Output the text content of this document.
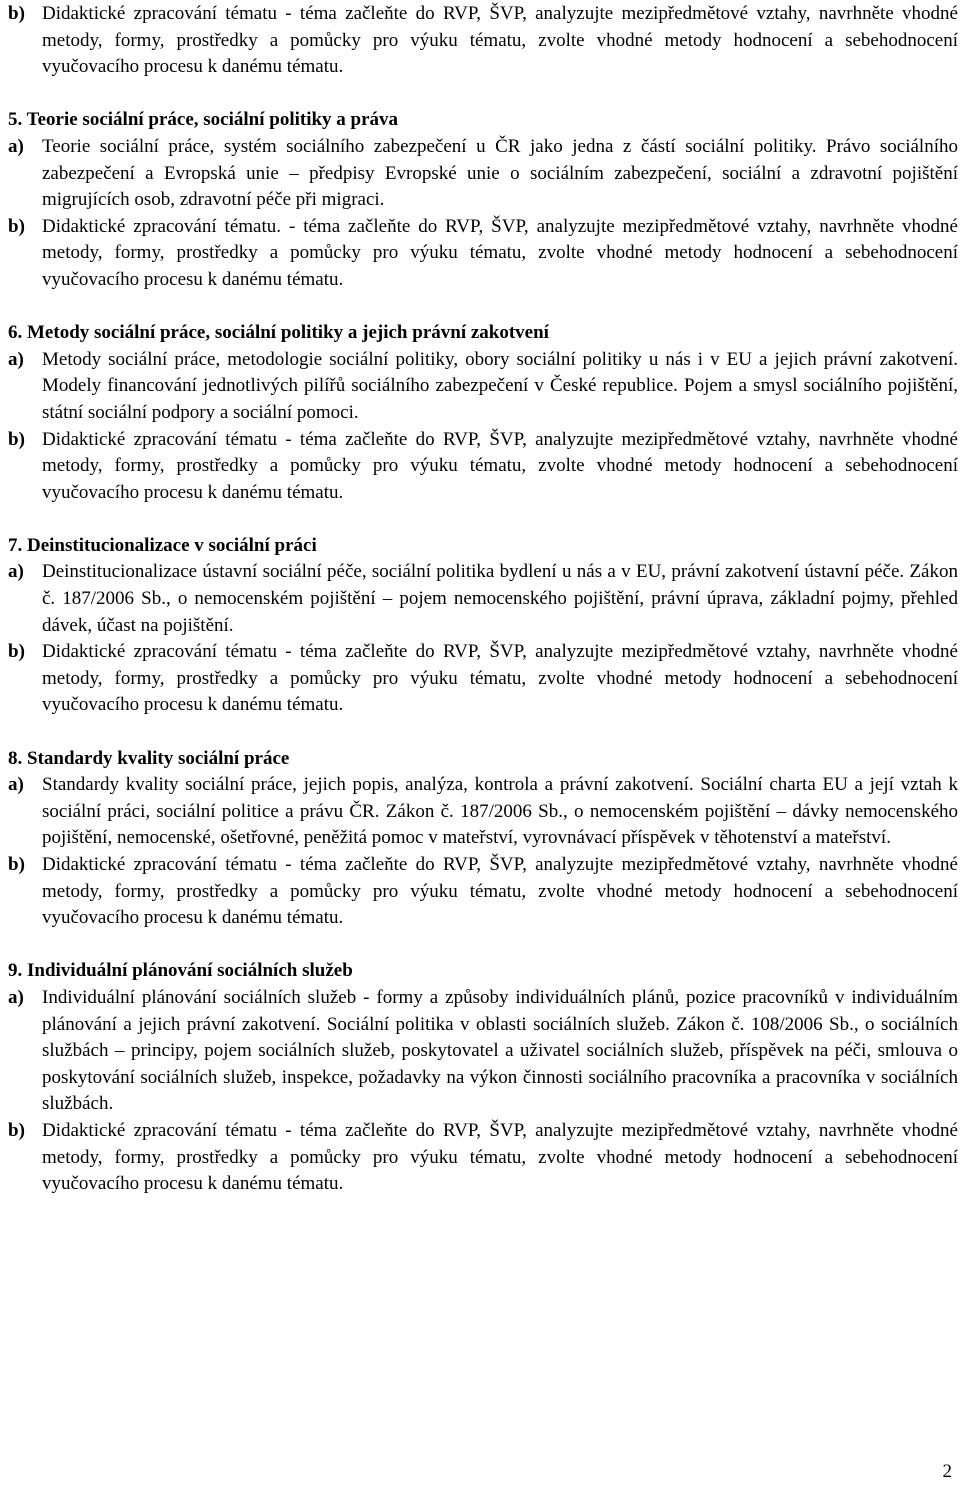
b) Didaktické zpracování tématu - téma začleňte do RVP, ŠVP, analyzujte mezipředmětové vztahy, navrhněte vhodné metody, formy, prostředky a pomůcky pro výuku tématu, zvolte vhodné metody hodnocení a sebehodnocení vyučovacího procesu k danému tématu.
5. Teorie sociální práce, sociální politiky a práva
a) Teorie sociální práce, systém sociálního zabezpečení u ČR jako jedna z částí sociální politiky. Právo sociálního zabezpečení a Evropská unie – předpisy Evropské unie o sociálním zabezpečení, sociální a zdravotní pojištění migrujících osob, zdravotní péče při migraci.
b) Didaktické zpracování tématu. - téma začleňte do RVP, ŠVP, analyzujte mezipředmětové vztahy, navrhněte vhodné metody, formy, prostředky a pomůcky pro výuku tématu, zvolte vhodné metody hodnocení a sebehodnocení vyučovacího procesu k danému tématu.
6. Metody sociální práce, sociální politiky a jejich právní zakotvení
a) Metody sociální práce, metodologie sociální politiky, obory sociální politiky u nás i v EU a jejich právní zakotvení. Modely financování jednotlivých pilířů sociálního zabezpečení v České republice. Pojem a smysl sociálního pojištění, státní sociální podpory a sociální pomoci.
b) Didaktické zpracování tématu - téma začleňte do RVP, ŠVP, analyzujte mezipředmětové vztahy, navrhněte vhodné metody, formy, prostředky a pomůcky pro výuku tématu, zvolte vhodné metody hodnocení a sebehodnocení vyučovacího procesu k danému tématu.
7. Deinstitucionalizace v sociální práci
a) Deinstitucionalizace ústavní sociální péče, sociální politika bydlení u nás a v EU, právní zakotvení ústavní péče. Zákon č. 187/2006 Sb., o nemocenském pojištění – pojem nemocenského pojištění, právní úprava, základní pojmy, přehled dávek, účast na pojištění.
b) Didaktické zpracování tématu - téma začleňte do RVP, ŠVP, analyzujte mezipředmětové vztahy, navrhněte vhodné metody, formy, prostředky a pomůcky pro výuku tématu, zvolte vhodné metody hodnocení a sebehodnocení vyučovacího procesu k danému tématu.
8. Standardy kvality sociální práce
a) Standardy kvality sociální práce, jejich popis, analýza, kontrola a právní zakotvení. Sociální charta EU a její vztah k sociální práci, sociální politice a právu ČR. Zákon č. 187/2006 Sb., o nemocenském pojištění – dávky nemocenského pojištění, nemocenské, ošetřovné, peněžitá pomoc v mateřství, vyrovnávací příspěvek v těhotenství a mateřství.
b) Didaktické zpracování tématu - téma začleňte do RVP, ŠVP, analyzujte mezipředmětové vztahy, navrhněte vhodné metody, formy, prostředky a pomůcky pro výuku tématu, zvolte vhodné metody hodnocení a sebehodnocení vyučovacího procesu k danému tématu.
9. Individuální plánování sociálních služeb
a) Individuální plánování sociálních služeb - formy a způsoby individuálních plánů, pozice pracovníků v individuálním plánování a jejich právní zakotvení. Sociální politika v oblasti sociálních služeb. Zákon č. 108/2006 Sb., o sociálních službách – principy, pojem sociálních služeb, poskytovatel a uživatel sociálních služeb, příspěvek na péči, smlouva o poskytování sociálních služeb, inspekce, požadavky na výkon činnosti sociálního pracovníka a pracovníka v sociálních službách.
b) Didaktické zpracování tématu - téma začleňte do RVP, ŠVP, analyzujte mezipředmětové vztahy, navrhněte vhodné metody, formy, prostředky a pomůcky pro výuku tématu, zvolte vhodné metody hodnocení a sebehodnocení vyučovacího procesu k danému tématu.
2
